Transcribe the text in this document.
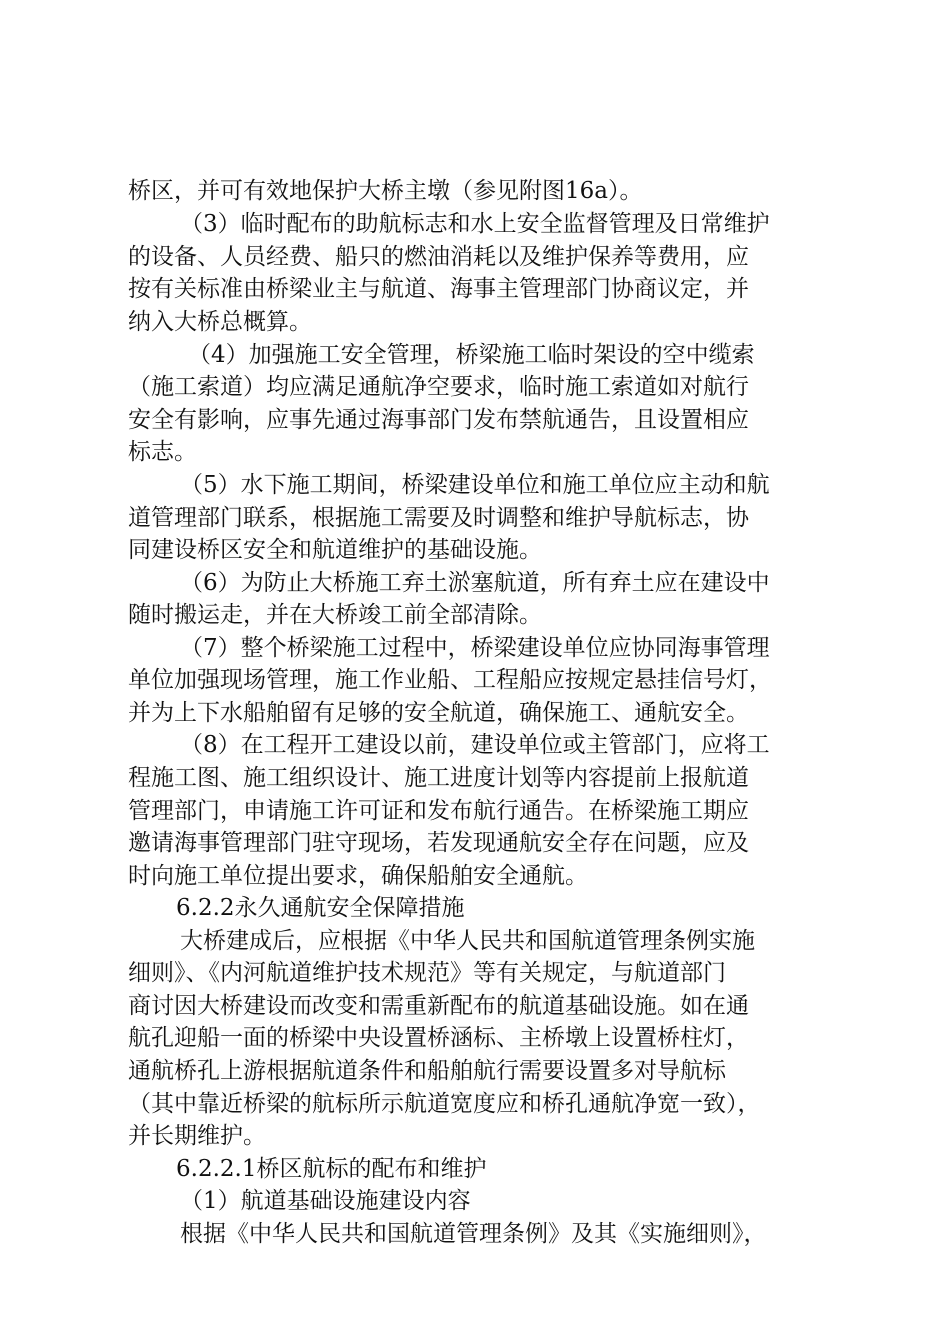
桥区，并可有效地保护大桥主墩（参见附图16a）。
（3）临时配布的助航标志和水上安全监督管理及日常维护
的设备、人员经费、船只的燃油消耗以及维护保养等费用，应
按有关标准由桥梁业主与航道、海事主管理部门协商议定，并
纳入大桥总概算。
（4）加强施工安全管理，桥梁施工临时架设的空中缆索
（施工索道）均应满足通航净空要求，临时施工索道如对航行
安全有影响，应事先通过海事部门发布禁航通告，且设置相应
标志。
（5）水下施工期间，桥梁建设单位和施工单位应主动和航
道管理部门联系，根据施工需要及时调整和维护导航标志，协
同建设桥区安全和航道维护的基础设施。
（6）为防止大桥施工弃土淤塞航道，所有弃土应在建设中
随时搬运走，并在大桥竣工前全部清除。
（7）整个桥梁施工过程中，桥梁建设单位应协同海事管理
单位加强现场管理，施工作业船、工程船应按规定悬挂信号灯，
并为上下水船舶留有足够的安全航道，确保施工、通航安全。
（8）在工程开工建设以前，建设单位或主管部门，应将工
程施工图、施工组织设计、施工进度计划等内容提前上报航道
管理部门，申请施工许可证和发布航行通告。在桥梁施工期应
邀请海事管理部门驻守现场，若发现通航安全存在问题，应及
时向施工单位提出要求，确保船舶安全通航。
6.2.2永久通航安全保障措施
大桥建成后，应根据《中华人民共和国航道管理条例实施
细则》、《内河航道维护技术规范》等有关规定，与航道部门
商讨因大桥建设而改变和需重新配布的航道基础设施。如在通
航孔迎船一面的桥梁中央设置桥涵标、主桥墩上设置桥柱灯，
通航桥孔上游根据航道条件和船舶航行需要设置多对导航标
（其中靠近桥梁的航标所示航道宽度应和桥孔通航净宽一致），
并长期维护。
6.2.2.1桥区航标的配布和维护
（1）航道基础设施建设内容
根据《中华人民共和国航道管理条例》及其《实施细则》，
